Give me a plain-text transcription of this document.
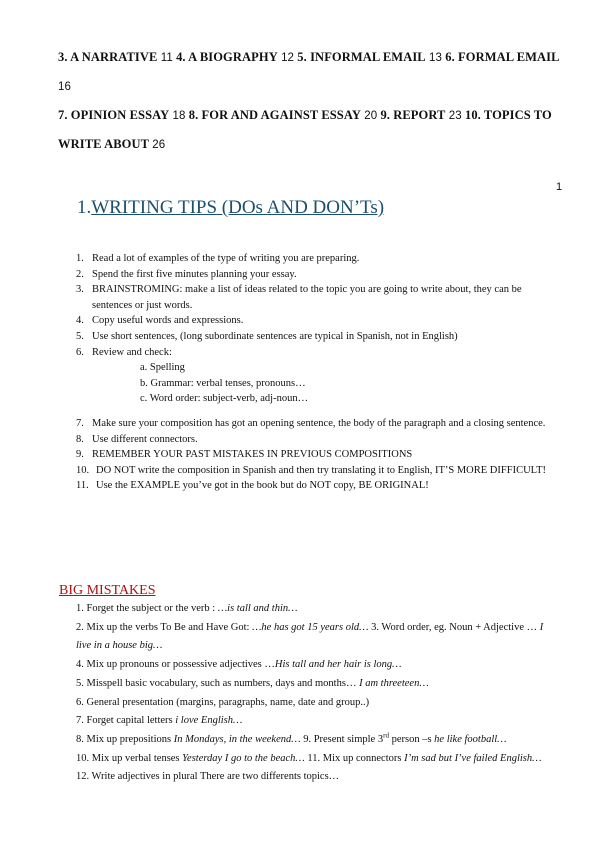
3. A NARRATIVE 11 4. A BIOGRAPHY 12 5. INFORMAL EMAIL 13 6. FORMAL EMAIL 16
7. OPINION ESSAY 18 8. FOR AND AGAINST ESSAY 20 9. REPORT 23 10. TOPICS TO
WRITE ABOUT 26
1
1.WRITING TIPS (DOs AND DON’Ts)
1. Read a lot of examples of the type of writing you are preparing.
2. Spend the first five minutes planning your essay.
3. BRAINSTROMING: make a list of ideas related to the topic you are going to write about, they can be sentences or just words.
4. Copy useful words and expressions.
5. Use short sentences, (long subordinate sentences are typical in Spanish, not in English)
6. Review and check:
a. Spelling
b. Grammar: verbal tenses, pronouns…
c. Word order: subject-verb, adj-noun…
7. Make sure your composition has got an opening sentence, the body of the paragraph and a closing sentence.
8. Use different connectors.
9. REMEMBER YOUR PAST MISTAKES IN PREVIOUS COMPOSITIONS
10. DO NOT write the composition in Spanish and then try translating it to English, IT’S MORE DIFFICULT!
11. Use the EXAMPLE you’ve got in the book but do NOT copy, BE ORIGINAL!
BIG MISTAKES

1. Forget the subject or the verb : …is tall and thin…

2. Mix up the verbs To Be and Have Got: …he has got 15 years old… 3. Word order, eg. Noun + Adjective … I live in a house big…

4. Mix up pronouns or possessive adjectives …His tall and her hair is long…

5. Misspell basic vocabulary, such as numbers, days and months… I am threeteen…

6. General presentation (margins, paragraphs, name, date and group..)

7. Forget capital letters i love English…

8. Mix up prepositions In Mondays, in the weekend… 9. Present simple 3rd person –s he like football…

10. Mix up verbal tenses Yesterday I go to the beach… 11. Mix up connectors I’m sad but I’ve failed English… 12. Write adjectives in plural There are two differents topics…
